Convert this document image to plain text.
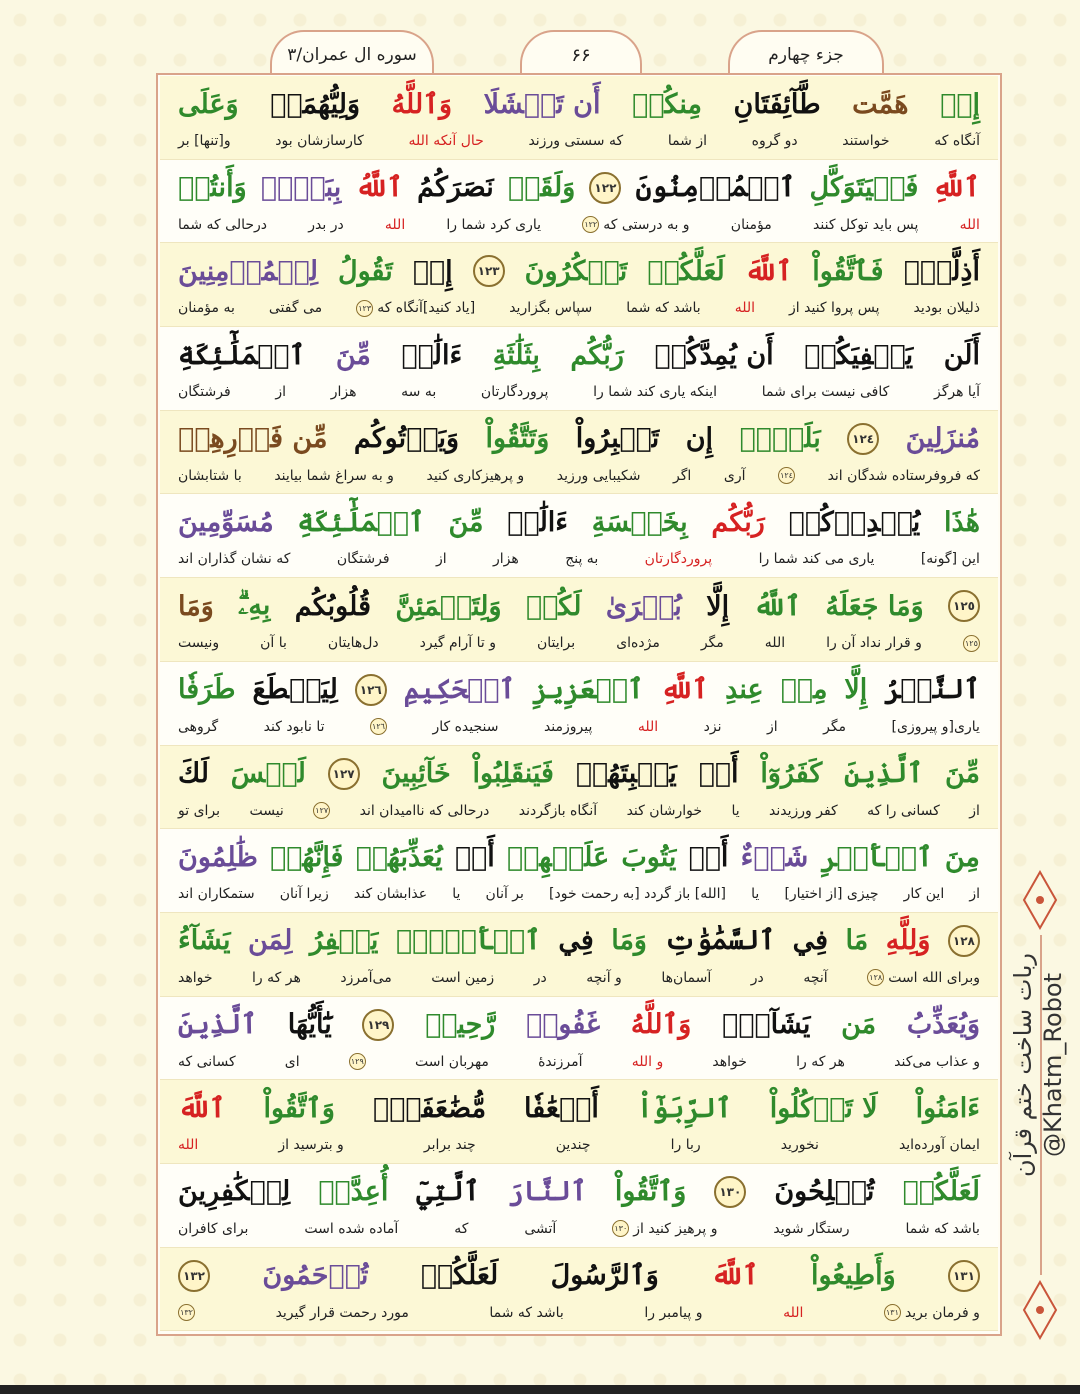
جزء چهارم
۶۶
سوره ال عمران/۳
إِذۡ
هَمَّت
طَّآئِفَتَانِ
مِنكُمۡ
أَن تَفۡشَلَا
وَٱللَّهُ
وَلِيُّهُمَاۗ
وَعَلَى
آنگاه که
خواستند
دو گروه
از شما
که سستی ورزند
حال آنکه الله
کارسازشان بود
و[تنها] بر
ٱللَّهِ
فَلۡيَتَوَكَّلِ
ٱلۡمُؤۡمِنُونَ
١٢٢
وَلَقَدۡ
نَصَرَكُمُ
ٱللَّهُ
بِبَدۡرٖ
وَأَنتُمۡ
الله
پس باید توکل کنند
مؤمنان
و به درستی که
١٢٢
یاری کرد شما را
الله
در بدر
درحالی که شما
أَذِلَّةٞۖ
فَٱتَّقُواْ
ٱللَّهَ
لَعَلَّكُمۡ
تَشۡكُرُونَ
١٢٣
إِذۡ
تَقُولُ
لِلۡمُؤۡمِنِينَ
ذلیلان بودید
پس پروا کنید از
الله
باشد که شما
سپاس بگزارید
[یاد کنید]آنگاه که
١٢٣
می گفتی
به مؤمنان
أَلَن
يَكۡفِيَكُمۡ
أَن يُمِدَّكُمۡ
رَبُّكُم
بِثَلَٰثَةِ
ءَالَٰفٖ
مِّنَ
ٱلۡمَلَٰٓئِكَةِ
آیا هرگز
کافی نیست برای شما
اینکه یاری کند شما را
پروردگارتان
به سه
هزار
از
فرشتگان
مُنزَلِينَ
١٢٤
بَلَىٰٓۚ
إِن
تَصۡبِرُواْ
وَتَتَّقُواْ
وَيَأۡتُوكُم
مِّن فَوۡرِهِمۡ
که فروفرستاده شدگان اند
١٢٤
آری
اگر
شکیبایی ورزید
و پرهیزکاری کنید
و به سراغ شما بیایند
با شتابشان
هَٰذَا
يُمۡدِدۡكُمۡ
رَبُّكُم
بِخَمۡسَةِ
ءَالَٰفٖ
مِّنَ
ٱلۡمَلَٰٓئِكَةِ
مُسَوِّمِينَ
این [گونه]
یاری می کند شما را
پروردگارتان
به پنج
هزار
از
فرشتگان
که نشان گذاران اند
١٢٥
وَمَا جَعَلَهُ
ٱللَّهُ
إِلَّا
بُشۡرَىٰ
لَكُمۡ
وَلِتَطۡمَئِنَّ
قُلُوبُكُم
بِهِۦۗ
وَمَا
١٢٥
و قرار نداد آن را
الله
مگر
مژده‌ای
برایتان
و تا آرام گیرد
دل‌هایتان
با آن
ونیست
ٱلنَّصۡرُ
إِلَّا
مِنۡ
عِندِ
ٱللَّهِ
ٱلۡعَزِيزِ
ٱلۡحَكِيمِ
١٢٦
لِيَقۡطَعَ
طَرَفٗا
یاری[و پیروزی]
مگر
از
نزد
الله
پیروزمند
سنجیده کار
١٢٦
تا نابود کند
گروهی
مِّنَ
ٱلَّذِينَ
كَفَرُوٓاْ
أَوۡ
يَكۡبِتَهُمۡ
فَيَنقَلِبُواْ
خَآئِبِينَ
١٢٧
لَيۡسَ
لَكَ
از
کسانی را که
کفر ورزیدند
یا
خوارشان کند
آنگاه بازگردند
درحالی که ناامیدان اند
١٢٧
نیست
برای تو
مِنَ
ٱلۡأَمۡرِ
شَيۡءٌ
أَوۡ
يَتُوبَ
عَلَيۡهِمۡ
أَوۡ
يُعَذِّبَهُمۡ
فَإِنَّهُمۡ
ظَٰلِمُونَ
از
این کار
چیزی [از اختیار]
یا
[الله] باز گردد [به رحمت خود]
بر آنان
یا
عذابشان کند
زیرا آنان
ستمکاران اند
١٢٨
وَلِلَّهِ
مَا
فِي
ٱلسَّمَٰوَٰتِ
وَمَا
فِي
ٱلۡأَرۡضِۚ
يَغۡفِرُ
لِمَن
يَشَآءُ
وبرای الله است
١٢٨
آنچه
در
آسمان‌ها
و آنچه
در
زمین است
می‌آمرزد
هر که را
خواهد
وَيُعَذِّبُ
مَن
يَشَآءُۚ
وَٱللَّهُ
غَفُورٞ
رَّحِيمٞ
١٢٩
يَٰٓأَيُّهَا
ٱلَّذِينَ
و عذاب می‌کند
هر که را
خواهد
و الله
آمرزندهٔ
مهربان است
١٢٩
ای
کسانی که
ءَامَنُواْ
لَا تَأۡكُلُواْ
ٱلرِّبَوٰٓاْ
أَضۡعَٰفٗا
مُّضَٰعَفَةٗۖ
وَٱتَّقُواْ
ٱللَّهَ
ایمان آورده‌اید
نخورید
ربا را
چندین
چند برابر
و بترسید از
الله
لَعَلَّكُمۡ
تُفۡلِحُونَ
١٣٠
وَٱتَّقُواْ
ٱلنَّارَ
ٱلَّتِيٓ
أُعِدَّتۡ
لِلۡكَٰفِرِينَ
باشد که شما
رستگار شوید
و پرهیز کنید از
١٣٠
آتشی
که
آماده شده است
برای کافران
١٣١
وَأَطِيعُواْ
ٱللَّهَ
وَٱلرَّسُولَ
لَعَلَّكُمۡ
تُرۡحَمُونَ
١٣٢
و فرمان برید
١٣١
الله
و پیامبر را
باشد که شما
مورد رحمت قرار گیرید
١٣٢
ربات ساخت ختم قرآن @Khatm_Robot
